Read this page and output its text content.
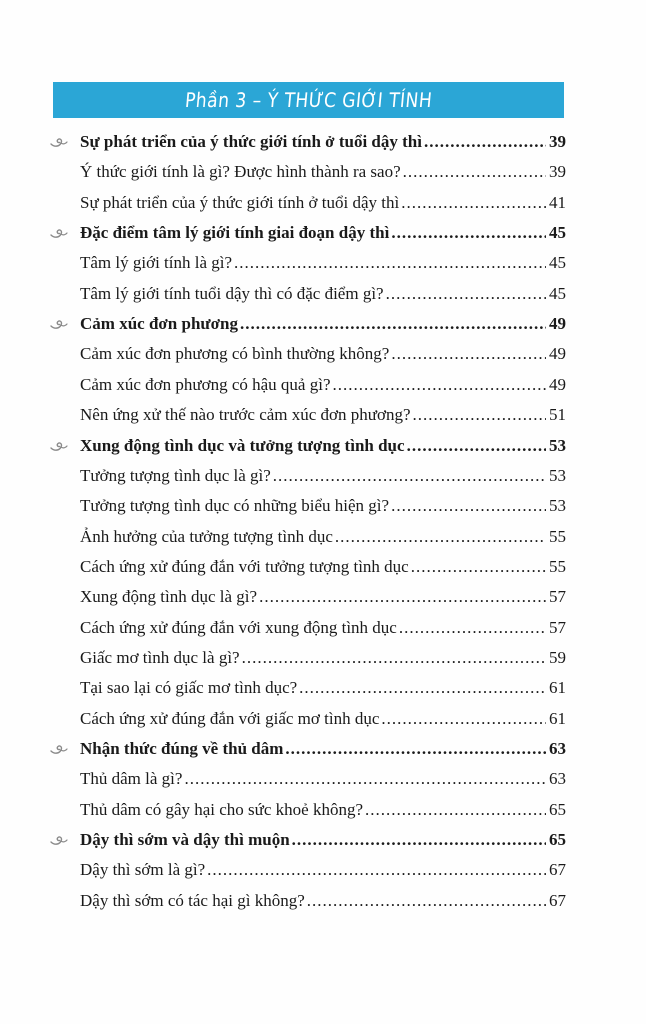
Phần 3 – Ý THỨC GIỚI TÍNH
Sự phát triển của ý thức giới tính ở tuổi dậy thì .....	39
Ý thức giới tính là gì? Được hình thành ra sao? .....	39
Sự phát triển của ý thức giới tính ở tuổi dậy thì .....	41
Đặc điểm tâm lý giới tính giai đoạn dậy thì .....	45
Tâm lý giới tính là gì? .....	45
Tâm lý giới tính tuổi dậy thì có đặc điểm gì? .....	45
Cảm xúc đơn phương .....	49
Cảm xúc đơn phương có bình thường không? .....	49
Cảm xúc đơn phương có hậu quả gì? .....	49
Nên ứng xử thế nào trước cảm xúc đơn phương? .....	51
Xung động tình dục và tưởng tượng tình dục .....	53
Tưởng tượng tình dục là gì? .....	53
Tưởng tượng tình dục có những biểu hiện gì? .....	53
Ảnh hưởng của tưởng tượng tình dục .....	55
Cách ứng xử đúng đắn với tưởng tượng tình dục .....	55
Xung động tình dục là gì? .....	57
Cách ứng xử đúng đắn với xung động tình dục .....	57
Giấc mơ tình dục là gì? .....	59
Tại sao lại có giấc mơ tình dục? .....	61
Cách ứng xử đúng đắn với giấc mơ tình dục .....	61
Nhận thức đúng về thủ dâm .....	63
Thủ dâm là gì? .....	63
Thủ dâm có gây hại cho sức khoẻ không? .....	65
Dậy thì sớm và dậy thì muộn .....	65
Dậy thì sớm là gì? .....	67
Dậy thì sớm có tác hại gì không? .....	67
